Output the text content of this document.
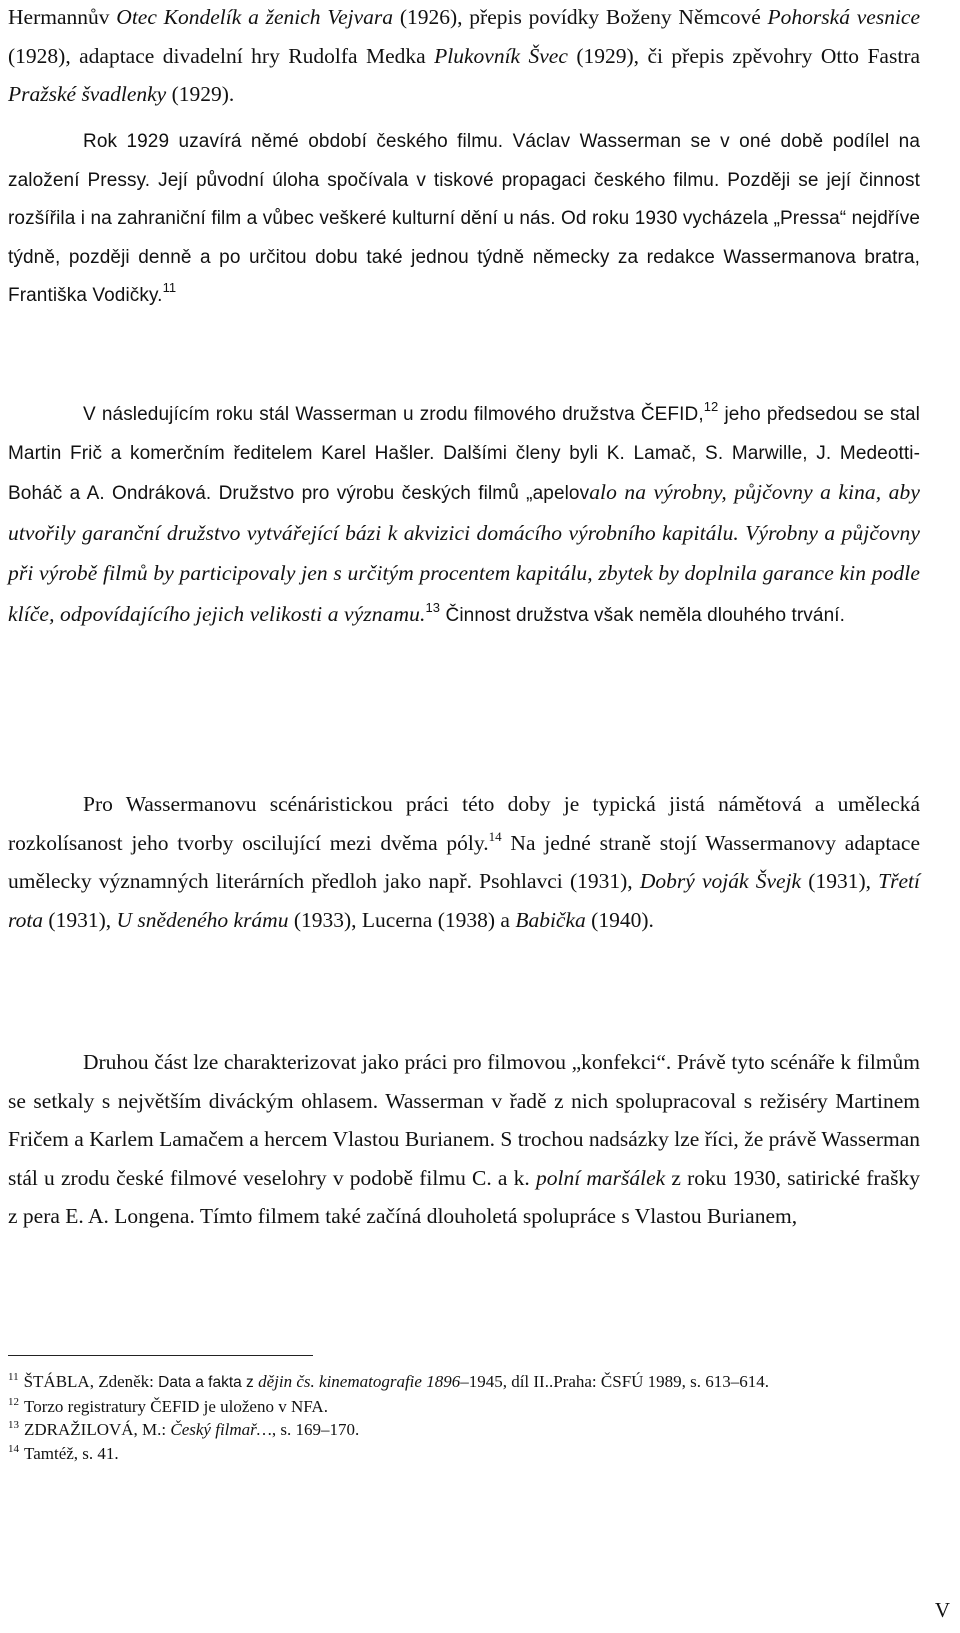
Hermannův Otec Kondelík a ženich Vejvara (1926), přepis povídky Boženy Němcové Pohorská vesnice (1928), adaptace divadelní hry Rudolfa Medka Plukovník Švec (1929), či přepis zpěvohry Otto Fastra Pražské švadlenky (1929).

Rok 1929 uzavírá němé období českého filmu. Václav Wasserman se v oné době podílel na založení Pressy. Její původní úloha spočívala v tiskové propagaci českého filmu. Později se její činnost rozšířila i na zahraniční film a vůbec veškeré kulturní dění u nás. Od roku 1930 vycházela „Pressa“ nejdříve týdně, později denně a po určitou dobu také jednou týdně německy za redakce Wassermanova bratra, Františka Vodičky.$^{11}$

V následujícím roku stál Wasserman u zrodu filmového družstva ČEFID,$^{12}$ jeho předsedou se stal Martin Frič a komerčním ředitelem Karel Hašler. Dalšími členy byli K. Lamač, S. Marwille, J. Medeotti-Boháč a A. Ondráková. Družstvo pro výrobu českých filmů „apelovalo na výrobny, půjčovny a kina, aby utvořily garanční družstvo vytvářející bázi k akvizici domácího výrobního kapitálu. Výrobny a půjčovny při výrobě filmů by participovaly jen s určitým procentem kapitálu, zbytek by doplnila garance kin podle klíče, odpovídajícího jejich velikosti a významu.$^{13}$ Činnost družstva však neměla dlouhého trvání.

Pro Wassermanovu scénáristickou práci této doby je typická jistá námětová a umělecká rozkolísanost jeho tvorby oscilující mezi dvěma póly.$^{14}$ Na jedné straně stojí Wassermanovy adaptace umělecky významných literárních předloh jako např. Psohlavci (1931), Dobrý voják Švejk (1931), Třetí rota (1931), U snědeného krámu (1933), Lucerna (1938) a Babička (1940).

Druhou část lze charakterizovat jako práci pro filmovou „konfekci“. Právě tyto scénáře k filmům se setkaly s největším diváckým ohlasem. Wasserman v řadě z nich spolupracoval s režiséry Martinem Fričem a Karlem Lamačem a hercem Vlastou Burianem. S trochou nadsázky lze říci, že právě Wasserman stál u zrodu české filmové veselohry v podobě filmu C. a k. polní maršálek z roku 1930, satirické frašky z pera E. A. Longena. Tímto filmem také začíná dlouholetá spolupráce s Vlastou Burianem,

$^{11}$ ŠTÁBLA, Zdeněk: Data a fakta z dějin čs. kinematografie 1896–1945, díl II..Praha: ČSFÚ 1989, s. 613–614.

$^{12}$ Torzo registratury ČEFID je uloženo v NFA.

$^{13}$ ZDRAŽILOVÁ, M.: Český filmař…, s. 169–170.

$^{14}$ Tamtéž, s. 41.

V
